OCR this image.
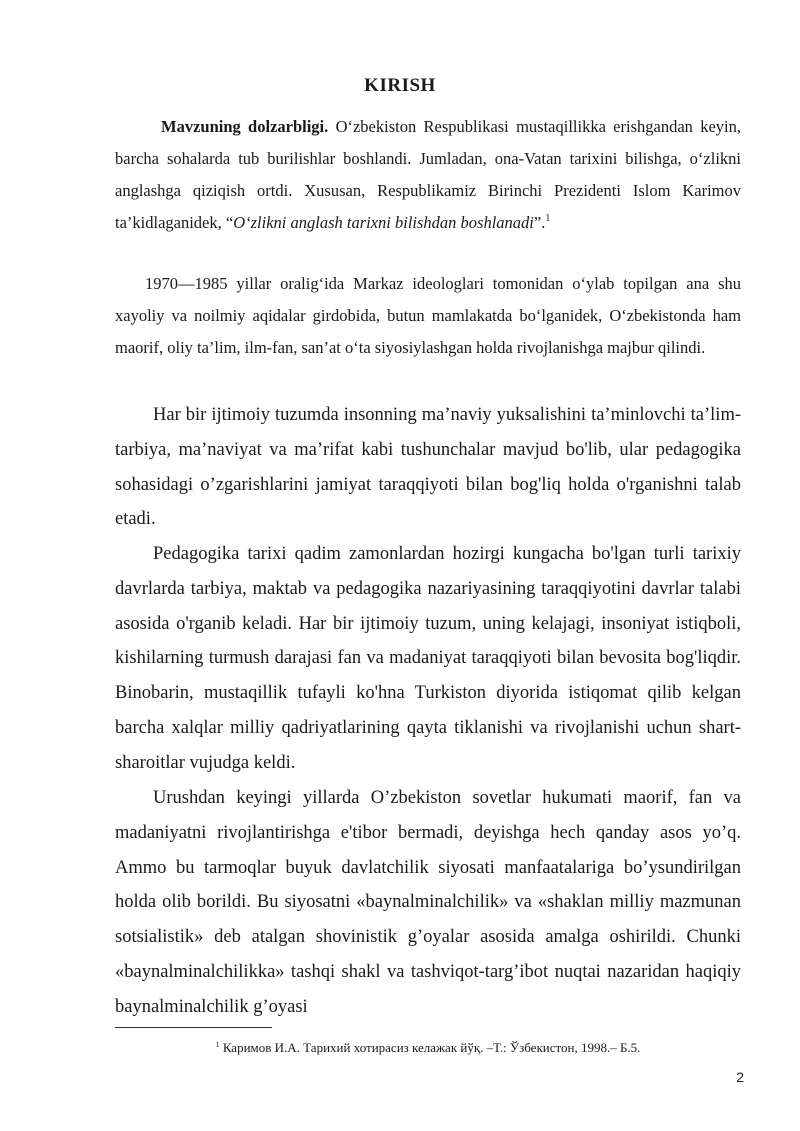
KIRISH

Mavzuning dolzarbligi. O‘zbekiston Respublikasi mustaqillikka erishgandan keyin, barcha sohalarda tub burilishlar boshlandi. Jumladan, ona-Vatan tarixini bilishga, o‘zlikni anglashga qiziqish ortdi. Xususan, Respublikamiz Birinchi Prezidenti Islom Karimov ta’kidlaganidek, “O‘zlikni anglash tarixni bilishdan boshlanadi”.$^1$

1970—1985 yillar oralig‘ida Markaz ideologlari tomonidan o‘ylab topilgan ana shu xayoliy va noilmiy aqidalar girdobida, butun mamlakatda bo‘lganidek, O‘zbekistonda ham maorif, oliy ta’lim, ilm-fan, san’at o‘ta siyosiylashgan holda rivojlanishga majbur qilindi.

Har bir ijtimoiy tuzumda insonning ma’naviy yuksalishini ta’minlovchi ta’lim-tarbiya, ma’naviyat va ma’rifat kabi tushunchalar mavjud bo'lib, ular pedagogika sohasidagi o’zgarishlarini jamiyat taraqqiyoti bilan bog'liq holda o'rganishni talab etadi.

Pedagogika tarixi qadim zamonlardan hozirgi kungacha bo'lgan turli tarixiy davrlarda tarbiya, maktab va pedagogika nazariyasining taraqqiyotini davrlar talabi asosida o'rganib keladi. Har bir ijtimoiy tuzum, uning kelajagi, insoniyat istiqboli, kishilarning turmush darajasi fan va madaniyat taraqqiyoti bilan bevosita bog'liqdir. Binobarin, mustaqillik tufayli ko'hna Turkiston diyorida istiqomat qilib kelgan barcha xalqlar milliy qadriyatlarining qayta tiklanishi va rivojlanishi uchun shart-sharoitlar vujudga keldi.

Urushdan keyingi yillarda O’zbekiston sovetlar hukumati maorif, fan va madaniyatni rivojlantirishga e'tibor bermadi, deyishga hech qanday asos yo’q. Ammo bu tarmoqlar buyuk davlatchilik siyosati manfaatalariga bo’ysundirilgan holda olib borildi. Bu siyosatni «baynalminalchilik» va «shaklan milliy mazmunan sotsialistik» deb atalgan shovinistik g’oyalar asosida amalga oshirildi. Chunki «baynalminalchilikka» tashqi shakl va tashviqot-targ’ibot nuqtai nazaridan haqiqiy baynalminalchilik g’oyasi

$^1$ Каримов И.А. Тарихий хотирасиз келажак йўқ. –Т.: Ўзбекистон, 1998.– Б.5.
2
